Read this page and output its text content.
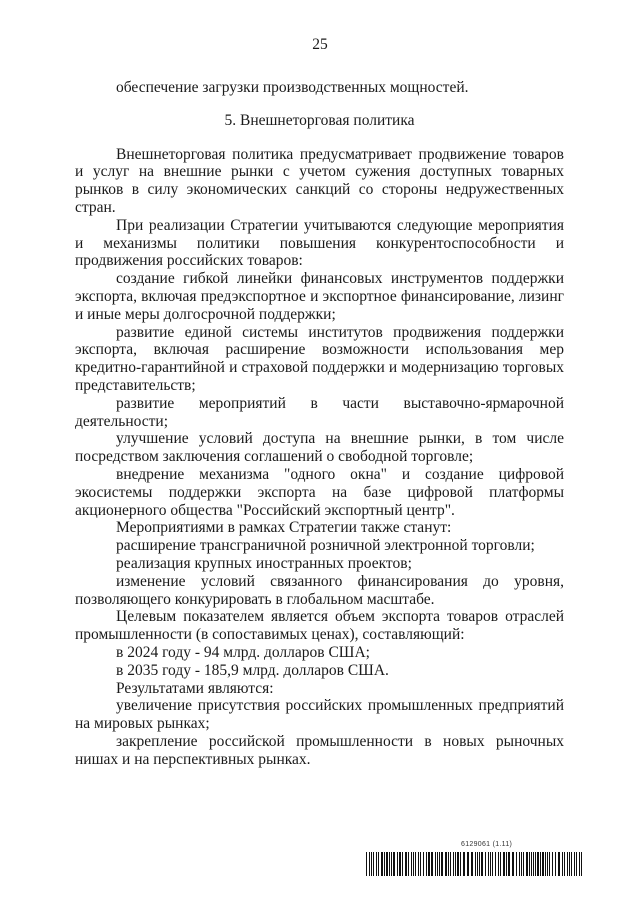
25

обеспечение загрузки производственных мощностей.

5. Внешнеторговая политика

Внешнеторговая политика предусматривает продвижение товаров и услуг на внешние рынки с учетом сужения доступных товарных рынков в силу экономических санкций со стороны недружественных стран.

При реализации Стратегии учитываются следующие мероприятия и механизмы политики повышения конкурентоспособности и продвижения российских товаров:

создание гибкой линейки финансовых инструментов поддержки экспорта, включая предэкспортное и экспортное финансирование, лизинг и иные меры долгосрочной поддержки;

развитие единой системы институтов продвижения поддержки экспорта, включая расширение возможности использования мер кредитно-гарантийной и страховой поддержки и модернизацию торговых представительств;

развитие мероприятий в части выставочно-ярмарочной деятельности;

улучшение условий доступа на внешние рынки, в том числе посредством заключения соглашений о свободной торговле;

внедрение механизма "одного окна" и создание цифровой экосистемы поддержки экспорта на базе цифровой платформы акционерного общества "Российский экспортный центр".

Мероприятиями в рамках Стратегии также станут:

расширение трансграничной розничной электронной торговли;

реализация крупных иностранных проектов;

изменение условий связанного финансирования до уровня, позволяющего конкурировать в глобальном масштабе.

Целевым показателем является объем экспорта товаров отраслей промышленности (в сопоставимых ценах), составляющий:

в 2024 году - 94 млрд. долларов США;

в 2035 году - 185,9 млрд. долларов США.

Результатами являются:

увеличение присутствия российских промышленных предприятий на мировых рынках;

закрепление российской промышленности в новых рыночных нишах и на перспективных рынках.

6129061 (1.11)
